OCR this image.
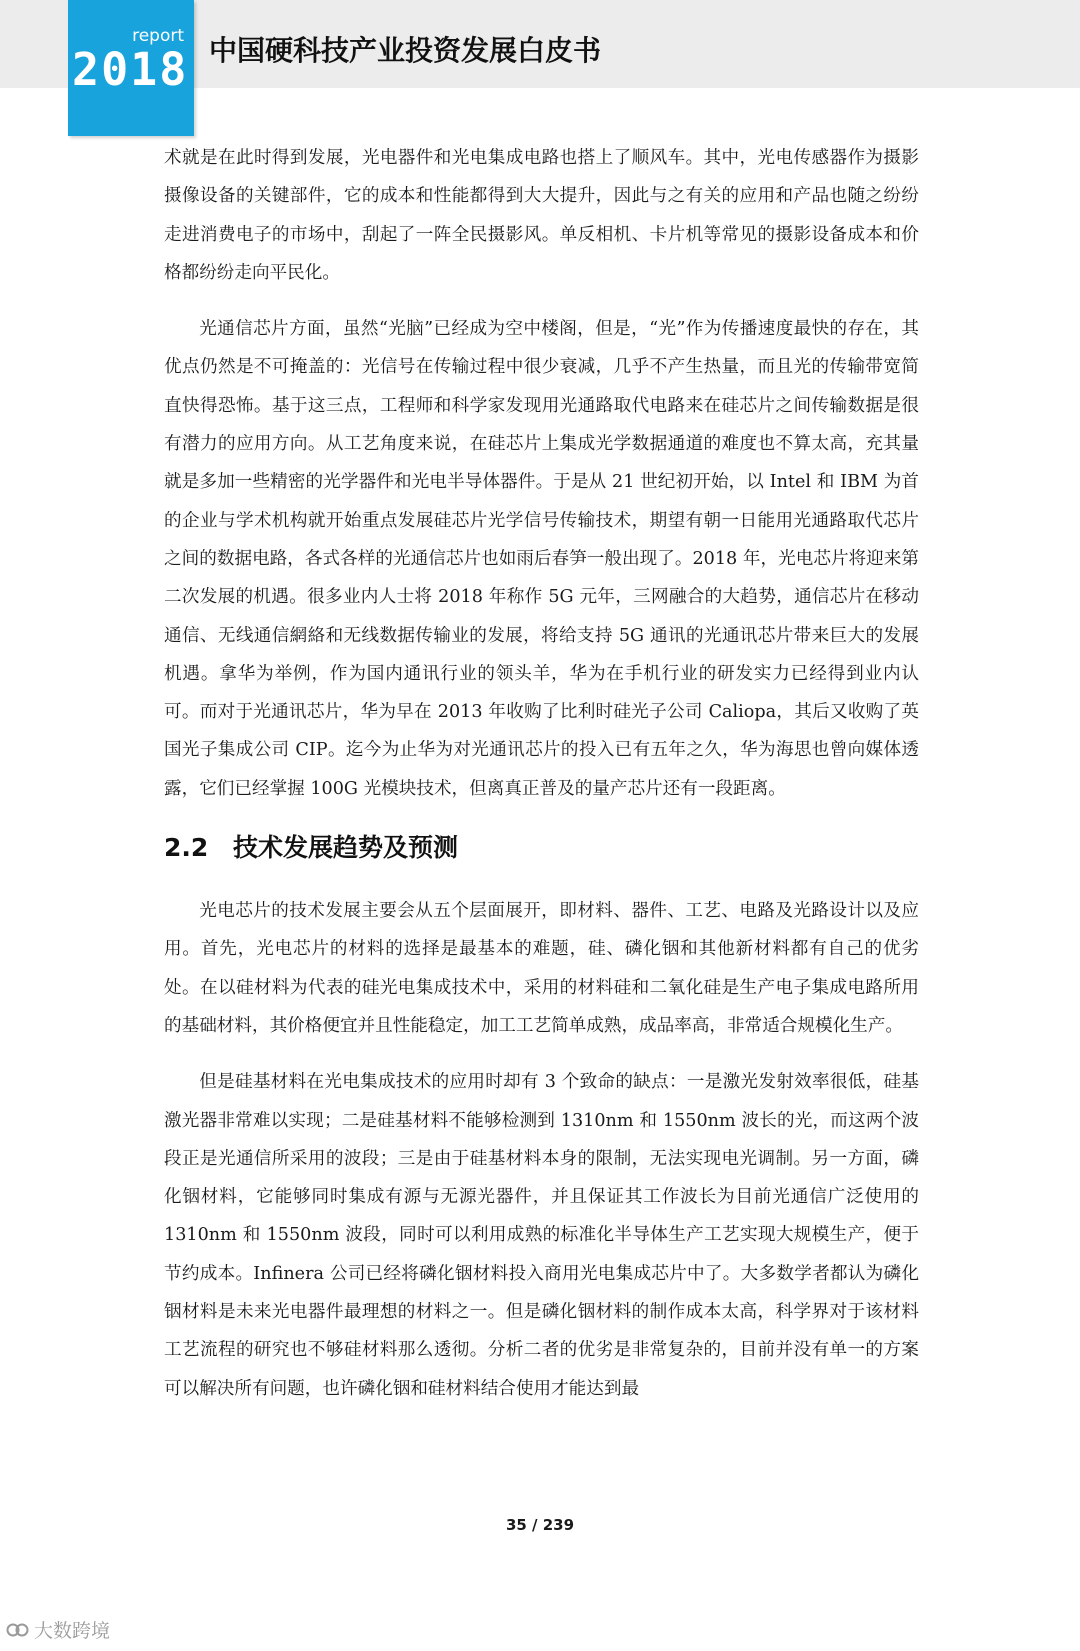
report
2018 中国硬科技产业投资发展白皮书

术就是在此时得到发展，光电器件和光电集成电路也搭上了顺风车。其中，光电传感器作为摄影摄像设备的关键部件，它的成本和性能都得到大大提升，因此与之有关的应用和产品也随之纷纷走进消费电子的市场中，刮起了一阵全民摄影风。单反相机、卡片机等常见的摄影设备成本和价格都纷纷走向平民化。

光通信芯片方面，虽然“光脑”已经成为空中楼阁，但是，“光”作为传播速度最快的存在，其优点仍然是不可掩盖的：光信号在传输过程中很少衰减，几乎不产生热量，而且光的传输带宽简直快得恐怖。基于这三点，工程师和科学家发现用光通路取代电路来在硅芯片之间传输数据是很有潜力的应用方向。从工艺角度来说，在硅芯片上集成光学数据通道的难度也不算太高，充其量就是多加一些精密的光学器件和光电半导体器件。于是从 21 世纪初开始，以 Intel 和 IBM 为首的企业与学术机构就开始重点发展硅芯片光学信号传输技术，期望有朝一日能用光通路取代芯片之间的数据电路，各式各样的光通信芯片也如雨后春笋一般出现了。2018 年，光电芯片将迎来第二次发展的机遇。很多业内人士将 2018 年称作 5G 元年，三网融合的大趋势，通信芯片在移动通信、无线通信網絡和无线数据传输业的发展，将给支持 5G 通讯的光通讯芯片带来巨大的发展机遇。拿华为举例，作为国内通讯行业的领头羊，华为在手机行业的研发实力已经得到业内认可。而对于光通讯芯片，华为早在 2013 年收购了比利时硅光子公司 Caliopa，其后又收购了英国光子集成公司 CIP。迄今为止华为对光通讯芯片的投入已有五年之久，华为海思也曾向媒体透露，它们已经掌握 100G 光模块技术，但离真正普及的量产芯片还有一段距离。

2.2 技术发展趋势及预测

光电芯片的技术发展主要会从五个层面展开，即材料、器件、工艺、电路及光路设计以及应用。首先，光电芯片的材料的选择是最基本的难题，硅、磷化铟和其他新材料都有自己的优劣处。在以硅材料为代表的硅光电集成技术中，采用的材料硅和二氧化硅是生产电子集成电路所用的基础材料，其价格便宜并且性能稳定，加工工艺简单成熟，成品率高，非常适合规模化生产。

但是硅基材料在光电集成技术的应用时却有 3 个致命的缺点：一是激光发射效率很低，硅基激光器非常难以实现；二是硅基材料不能够检测到 1310nm 和 1550nm 波长的光，而这两个波段正是光通信所采用的波段；三是由于硅基材料本身的限制，无法实现电光调制。另一方面，磷化铟材料，它能够同时集成有源与无源光器件，并且保证其工作波长为目前光通信广泛使用的 1310nm 和 1550nm 波段，同时可以利用成熟的标准化半导体生产工艺实现大规模生产，便于节约成本。Infinera 公司已经将磷化铟材料投入商用光电集成芯片中了。大多数学者都认为磷化铟材料是未来光电器件最理想的材料之一。但是磷化铟材料的制作成本太高，科学界对于该材料工艺流程的研究也不够硅材料那么透彻。分析二者的优劣是非常复杂的，目前并没有单一的方案可以解决所有问题，也许磷化铟和硅材料结合使用才能达到最

35 / 239
大数跨境
